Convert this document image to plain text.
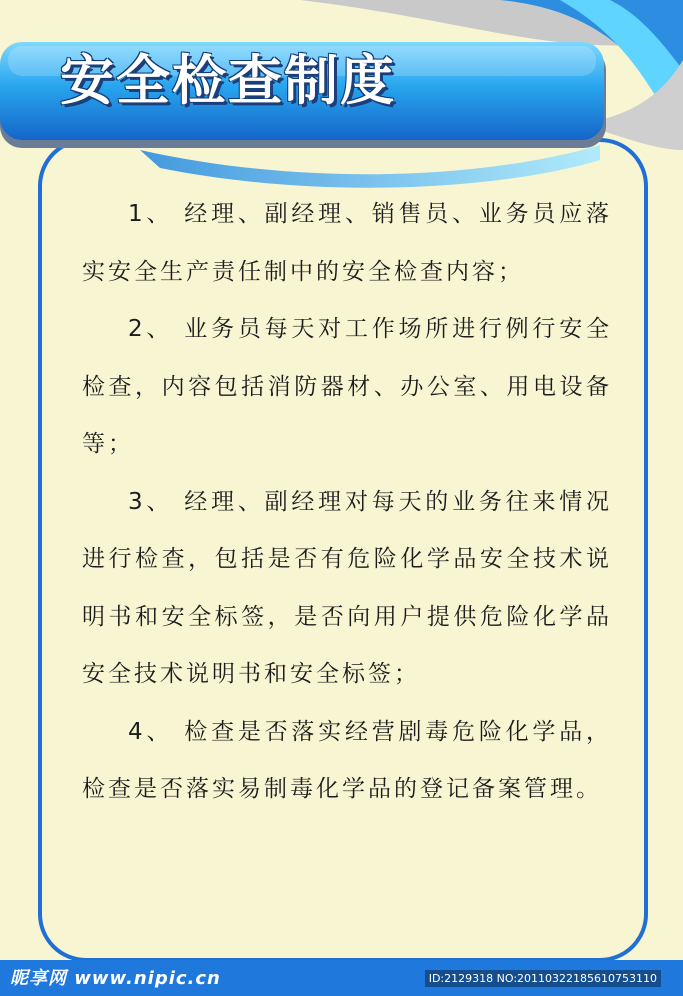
安全检查制度

1、 经理、副经理、销售员、业务员应落实安全生产责任制中的安全检查内容；

2、 业务员每天对工作场所进行例行安全检查，内容包括消防器材、办公室、用电设备等；

3、 经理、副经理对每天的业务往来情况进行检查，包括是否有危险化学品安全技术说明书和安全标签，是否向用户提供危险化学品安全技术说明书和安全标签；

4、 检查是否落实经营剧毒危险化学品，检查是否落实易制毒化学品的登记备案管理。

昵享网 www.nipic.cn	ID:2129318 NO:20110322185610753110
